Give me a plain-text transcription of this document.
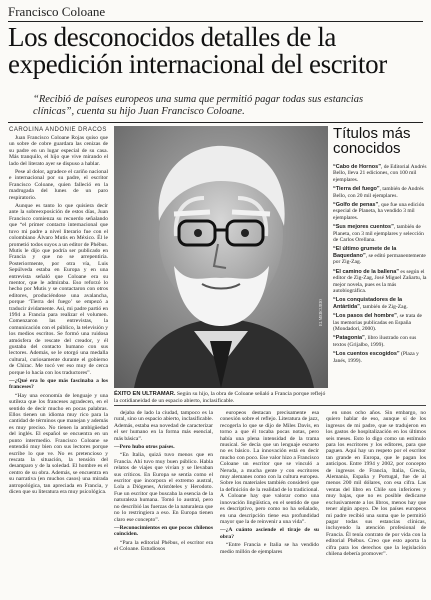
Francisco Coloane
Los desconocidos detalles de la expedición internacional del escritor
“Recibió de países europeos una suma que permitió pagar todas sus estancias clínicas”, cuenta su hijo Juan Francisco Coloane.
CAROLINA ANDONIE DRACOS

Juan Francisco Coloane Rojas quiso que un sobre de cobre guardara las cenizas de su padre en un lugar especial de su casa. Más tranquilo, el hijo que vive mirando el lado del literato ayer se dispuso a hablar.

Pese al dolor, agradece el cariño nacional e internacional por su padre, el escritor Francisco Coloane, quien falleció en la madrugada del lunes de un paro respiratorio.

Aunque es tanto lo que quisiera decir ante la sobreexposición de estos días, Juan Francisco comienza su recuerdo señalando que “el primer contacto internacional que tuvo mi padre a nivel literario fue con el colombiano Álvaro Mutis en México. Él le prometió todos suyos a un editor de Phébus. Mutis le dijo que podría ser publicado en Francia y que no se arrepentiría. Posteriormente, por otra vía, Luis Sepúlveda estaba en Europa y en una entrevista señaló que Coloane era su mentor, que le admiraba. Eso reforzó lo hecho por Mutis y se contactaron con otros editores, produciéndose una avalancha, porque ‘Tierra del fuego’ se empezó a traducir ávidamente. Así, mi padre partió en 1994 a Francia para realizar el volumen. Comenzaron las entrevistas, la comunicación con el público, la televisión y los medios escritos. Se formó una ruidosa atmósfera de rescate del creador, y él gustaba del contacto humano con sus lectores. Además, se le otorgó una medalla cultural, curiosamente durante el gobierno de Chirac. Me tocó ver eso muy de cerca porque lo hacía con los traductores”.

—¿Qué era lo que más fascinaba a los franceses?

“Hay una economía de lenguaje y una sutileza que los franceses agradecen, en el sentido de decir mucho en pocas palabras. Ellos tienen un idioma muy rico para la cantidad de términos que manejan y además es muy preciso. No tienen la ambigüedad del inglés. El español se encuentra en un punto intermedio. Francisco Coloane se entendió muy bien con sus lectores porque escribe lo que ve. No es pretencioso y rescata la situación, la tensión del desamparo y de la soledad. El hombre es el centro de su obra. Además, se encuentra en su narrativa (en muchos casos) una mirada antropológica, tan apreciada en Francia, y dicen que su literatura era muy psicológica.

EL MERCURIO
ÉXITO EN ULTRAMAR. Según su hijo, la obra de Coloane señaló a Francia porque reflejó la cotidianeidad de un espacio abierto, inclasificable.

dejaba de lado la ciudad, tampoco es la rural, sino un espacio abierto, inclasificable. Además, estaba esa novedad de caracterizar el ser humano en la forma más esencial, más básica”.

—Pero hubo otros países.

“En Italia, quizá tuvo menos que en Francia. Ahí tuvo muy buen público. Habla relatos de viajes que vivían y se llevaban sus críticos. En Europa se sentía como el escritor que incorpora el extremo austral, Lola a Diógenes, Aristóteles y Herodoto. Fue un escritor que buscaba la esencia de la naturaleza humana. Tomó lo austral, pero no describió las fuerzas de la naturaleza que no lo restringiera a eso. En Europa tienen claro ese concepto”.

—Reconocimientos en que pocos chilenos coinciden.

“Para la editorial Phébus, el escritor era el Coloane. Estudiosos

europeos destacan precisamente esa conexión sobre el reflejo. Literatura de jazz, recogerla lo que se dijo de Miles Davis, en torno a que él tocaba pocas notas, pero había una plena intensidad de la trama musical. Se decía que un lenguaje escueto no es básico. La innovación está en decir mucho con poco. Ese valor hizo a Francisco Coloane un escritor que se vinculó a Neruda, a mucha gente y con escritores muy alemanes como con la cultura europea. Sobre los materiales también consideró que la definición de la realidad de lo tradicional. A Coloane hay que valorar como una innovación lingüística, en el sentido de que es descriptivo, pero como no ha señalado, en una descripción tiene esa profundidad mayor que la de reinvenir a una vida”.

—¿A cuánto asciende el tiraje de su obra?

“Entre Francia e Italia se ha vendido medio millón de ejemplares

en unos ocho años. Sin embargo, no quiero hablar de eso, aunque sí de los ingresos de mi padre, que se tradujeron en los gastos de hospitalización en los últimos seis meses. Esto lo digo como un estímulo para los escritores y los editores, para que paguen. Aquí hay un respeto por el escritor tan grande en Europa, que le pagan los anticipos. Entre 1994 y 2002, por concepto de ingresos de Francia, Italia, Grecia, Alemania, España y Portugal, fue de al menos 200 mil dólares, con esa cifra. Las ventas del libro en Chile son inferiores y muy bajas, que no es posible dedicarse exclusivamente a los libros, menos hay que tener algún apoyo. De los países europeos mi padre recibió una suma que le permitió pagar todas sus estancias clínicas, incluyendo la atención profesional de Francia. Él tenía contrato de por vida con la editorial Phébus. Creo que esto aporta la cifra para los derechos que la legislación chilena debería promover”.

Títulos más conocidos
“Cabo de Hornos”, de Editorial Andrés Bello, lleva 21 ediciones, con 100 mil ejemplares.
“Tierra del fuego”, también de Andrés Bello, con 20 mil ejemplares.
“Golfo de penas”, que fue una edición especial de Planeta, ha vendido 3 mil ejemplares.
“Sus mejores cuentos”, también de Planeta, con 3 mil ejemplares y selección de Carlos Orellana.
“El último grumete de la Baquedano”, se editó permanentemente por Zig-Zag.
“El camino de la ballena” es según el editor de Zig-Zag, José Miguel Zañartu, la mejor novela, pues es la más autobiográfica.
“Los conquistadores de la Antártida”, también de Zig-Zag.
“Los pasos del hombre”, se trata de las memorias publicadas en España (Mondadori, 2000).
“Patagonia”, libro ilustrado con sus textos (Grijalbo, 1999).
“Los cuentos escogidos” (Plaza y Janés, 1999).
